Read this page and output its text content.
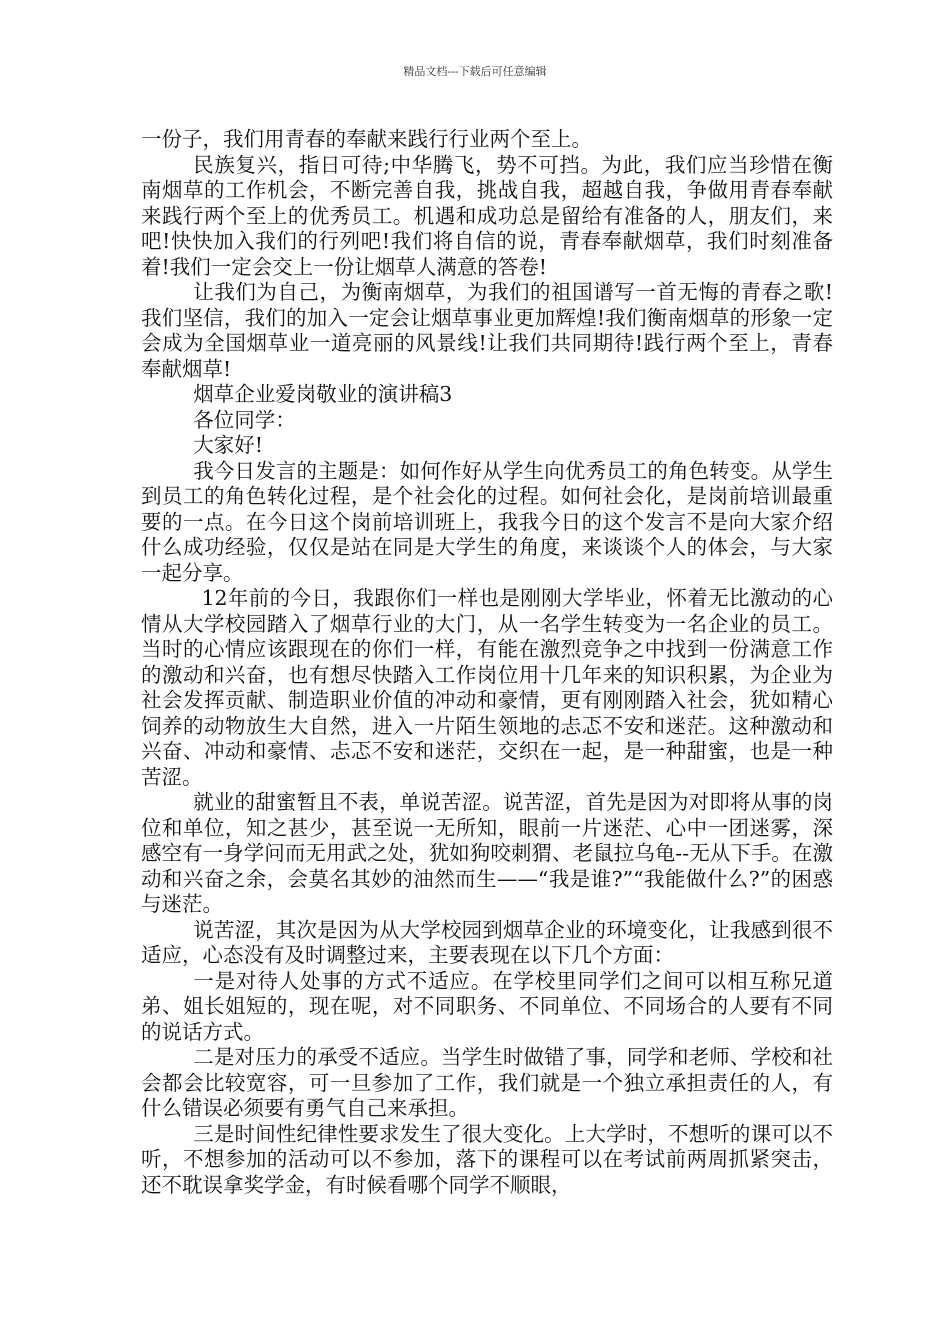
精品文档---下载后可任意编辑

一份子，我们用青春的奉献来践行行业两个至上。

民族复兴，指日可待;中华腾飞，势不可挡。为此，我们应当珍惜在衡南烟草的工作机会，不断完善自我，挑战自我，超越自我，争做用青春奉献来践行两个至上的优秀员工。机遇和成功总是留给有准备的人，朋友们，来吧!快快加入我们的行列吧!我们将自信的说，青春奉献烟草，我们时刻准备着!我们一定会交上一份让烟草人满意的答卷!

让我们为自己，为衡南烟草，为我们的祖国谱写一首无悔的青春之歌!我们坚信，我们的加入一定会让烟草事业更加辉煌!我们衡南烟草的形象一定会成为全国烟草业一道亮丽的风景线!让我们共同期待!践行两个至上，青春奉献烟草!

烟草企业爱岗敬业的演讲稿3

各位同学：

大家好!

我今日发言的主题是：如何作好从学生向优秀员工的角色转变。从学生到员工的角色转化过程，是个社会化的过程。如何社会化，是岗前培训最重要的一点。在今日这个岗前培训班上，我我今日的这个发言不是向大家介绍什么成功经验，仅仅是站在同是大学生的角度，来谈谈个人的体会，与大家一起分享。

12年前的今日，我跟你们一样也是刚刚大学毕业，怀着无比激动的心情从大学校园踏入了烟草行业的大门，从一名学生转变为一名企业的员工。当时的心情应该跟现在的你们一样，有能在激烈竞争之中找到一份满意工作的激动和兴奋，也有想尽快踏入工作岗位用十几年来的知识积累，为企业为社会发挥贡献、制造职业价值的冲动和豪情，更有刚刚踏入社会，犹如精心饲养的动物放生大自然，进入一片陌生领地的忐忑不安和迷茫。这种激动和兴奋、冲动和豪情、忐忑不安和迷茫，交织在一起，是一种甜蜜，也是一种苦涩。

就业的甜蜜暂且不表，单说苦涩。说苦涩，首先是因为对即将从事的岗位和单位，知之甚少，甚至说一无所知，眼前一片迷茫、心中一团迷雾，深感空有一身学问而无用武之处，犹如狗咬刺猬、老鼠拉乌龟--无从下手。在激动和兴奋之余，会莫名其妙的油然而生——“我是谁?”“我能做什么?”的困惑与迷茫。

说苦涩，其次是因为从大学校园到烟草企业的环境变化，让我感到很不适应，心态没有及时调整过来，主要表现在以下几个方面：

一是对待人处事的方式不适应。在学校里同学们之间可以相互称兄道弟、姐长姐短的，现在呢，对不同职务、不同单位、不同场合的人要有不同的说话方式。

二是对压力的承受不适应。当学生时做错了事，同学和老师、学校和社会都会比较宽容，可一旦参加了工作，我们就是一个独立承担责任的人，有什么错误必须要有勇气自己来承担。

三是时间性纪律性要求发生了很大变化。上大学时，不想听的课可以不听，不想参加的活动可以不参加，落下的课程可以在考试前两周抓紧突击，还不耽误拿奖学金，有时候看哪个同学不顺眼，
